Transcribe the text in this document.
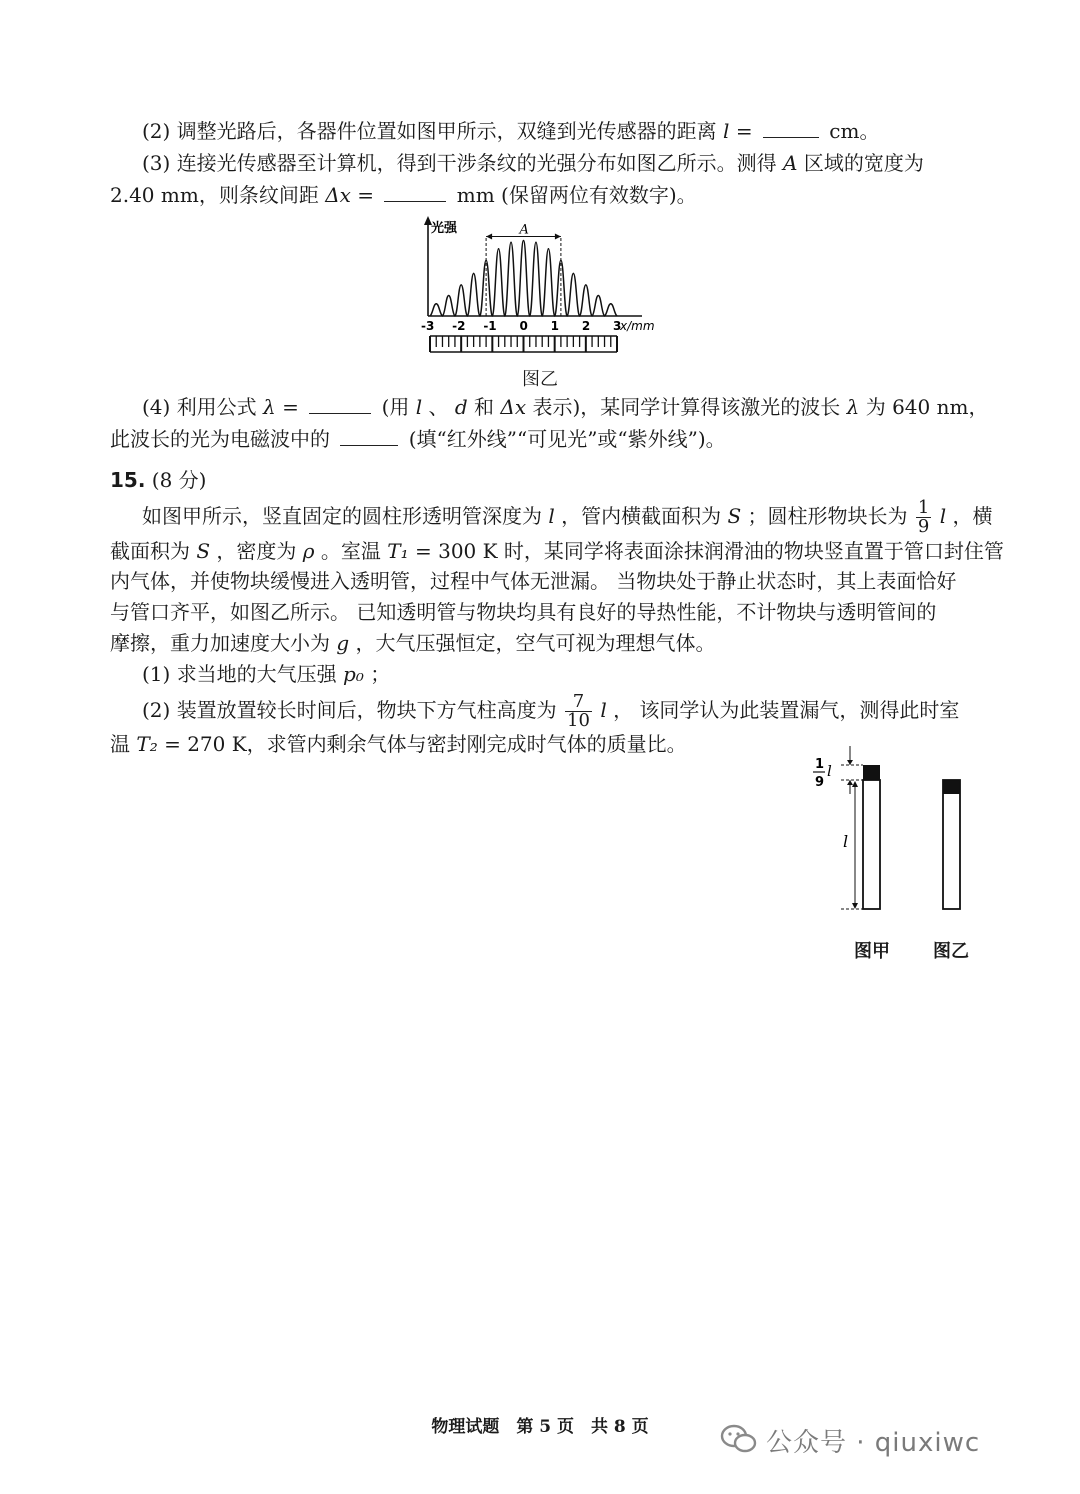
(2) 调整光路后，各器件位置如图甲所示，双缝到光传感器的距离 l =	cm。
(3) 连接光传感器至计算机，得到干涉条纹的光强分布如图乙所示。测得 A 区域的宽度为
2.40 mm，则条纹间距 Δx =	mm (保留两位有效数字)。
光强
x/mm
A
-3 -2 -1 0 1 2 3
图乙
(4) 利用公式 λ =	(用 l 、 d 和 Δx 表示)，某同学计算得该激光的波长 λ 为 640 nm，
此波长的光为电磁波中的	(填“红外线”“可见光”或“紫外线”)。
15. (8 分)
如图甲所示，竖直固定的圆柱形透明管深度为 l ，管内横截面积为 S ；圆柱形物块长为 $\frac{1}{9}$ l ，横
截面积为 S ，密度为 ρ 。室温 T₁ = 300 K 时，某同学将表面涂抹润滑油的物块竖直置于管口封住管
内气体，并使物块缓慢进入透明管，过程中气体无泄漏。 当物块处于静止状态时，其上表面恰好
与管口齐平，如图乙所示。 已知透明管与物块均具有良好的导热性能，不计物块与透明管间的
摩擦，重力加速度大小为 g ，大气压强恒定，空气可视为理想气体。
(1) 求当地的大气压强 p₀ ；
(2) 装置放置较长时间后，物块下方气柱高度为 $\frac{7}{10}$ l ， 该同学认为此装置漏气，测得此时室
温 T₂ = 270 K，求管内剩余气体与密封刚完成时气体的质量比。
1
9
l
l
图甲 图乙
物理试题　第 5 页　共 8 页
公众号 · qiuxiwc
